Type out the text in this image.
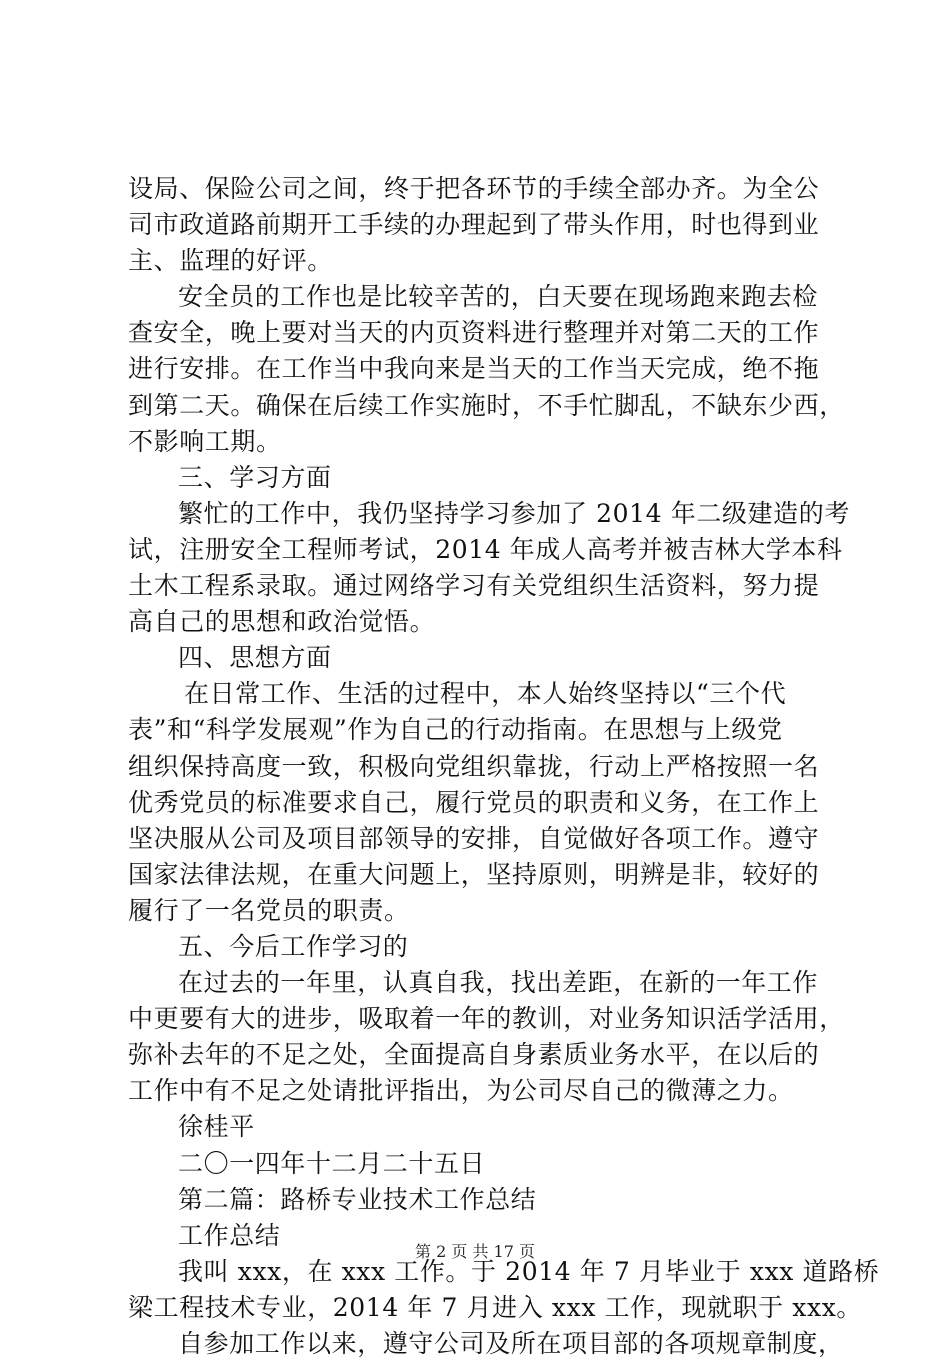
设局、保险公司之间，终于把各环节的手续全部办齐。为全公
司市政道路前期开工手续的办理起到了带头作用，时也得到业
主、监理的好评。
安全员的工作也是比较辛苦的，白天要在现场跑来跑去检
查安全，晚上要对当天的内页资料进行整理并对第二天的工作
进行安排。在工作当中我向来是当天的工作当天完成，绝不拖
到第二天。确保在后续工作实施时，不手忙脚乱，不缺东少西，
不影响工期。
三、学习方面
繁忙的工作中，我仍坚持学习参加了 2014 年二级建造的考
试，注册安全工程师考试，2014 年成人高考并被吉林大学本科
土木工程系录取。通过网络学习有关党组织生活资料，努力提
高自己的思想和政治觉悟。
四、思想方面
在日常工作、生活的过程中，本人始终坚持以“三个代
表”和“科学发展观”作为自己的行动指南。在思想与上级党
组织保持高度一致，积极向党组织靠拢，行动上严格按照一名
优秀党员的标准要求自己，履行党员的职责和义务，在工作上
坚决服从公司及项目部领导的安排，自觉做好各项工作。遵守
国家法律法规，在重大问题上，坚持原则，明辨是非，较好的
履行了一名党员的职责。
五、今后工作学习的
在过去的一年里，认真自我，找出差距，在新的一年工作
中更要有大的进步，吸取着一年的教训，对业务知识活学活用，
弥补去年的不足之处，全面提高自身素质业务水平，在以后的
工作中有不足之处请批评指出，为公司尽自己的微薄之力。
徐桂平
二〇一四年十二月二十五日
第二篇：路桥专业技术工作总结
工作总结
我叫 xxx，在 xxx 工作。于 2014 年 7 月毕业于 xxx 道路桥
梁工程技术专业，2014 年 7 月进入 xxx 工作，现就职于 xxx。
自参加工作以来，遵守公司及所在项目部的各项规章制度，
第 2 页 共 17 页
